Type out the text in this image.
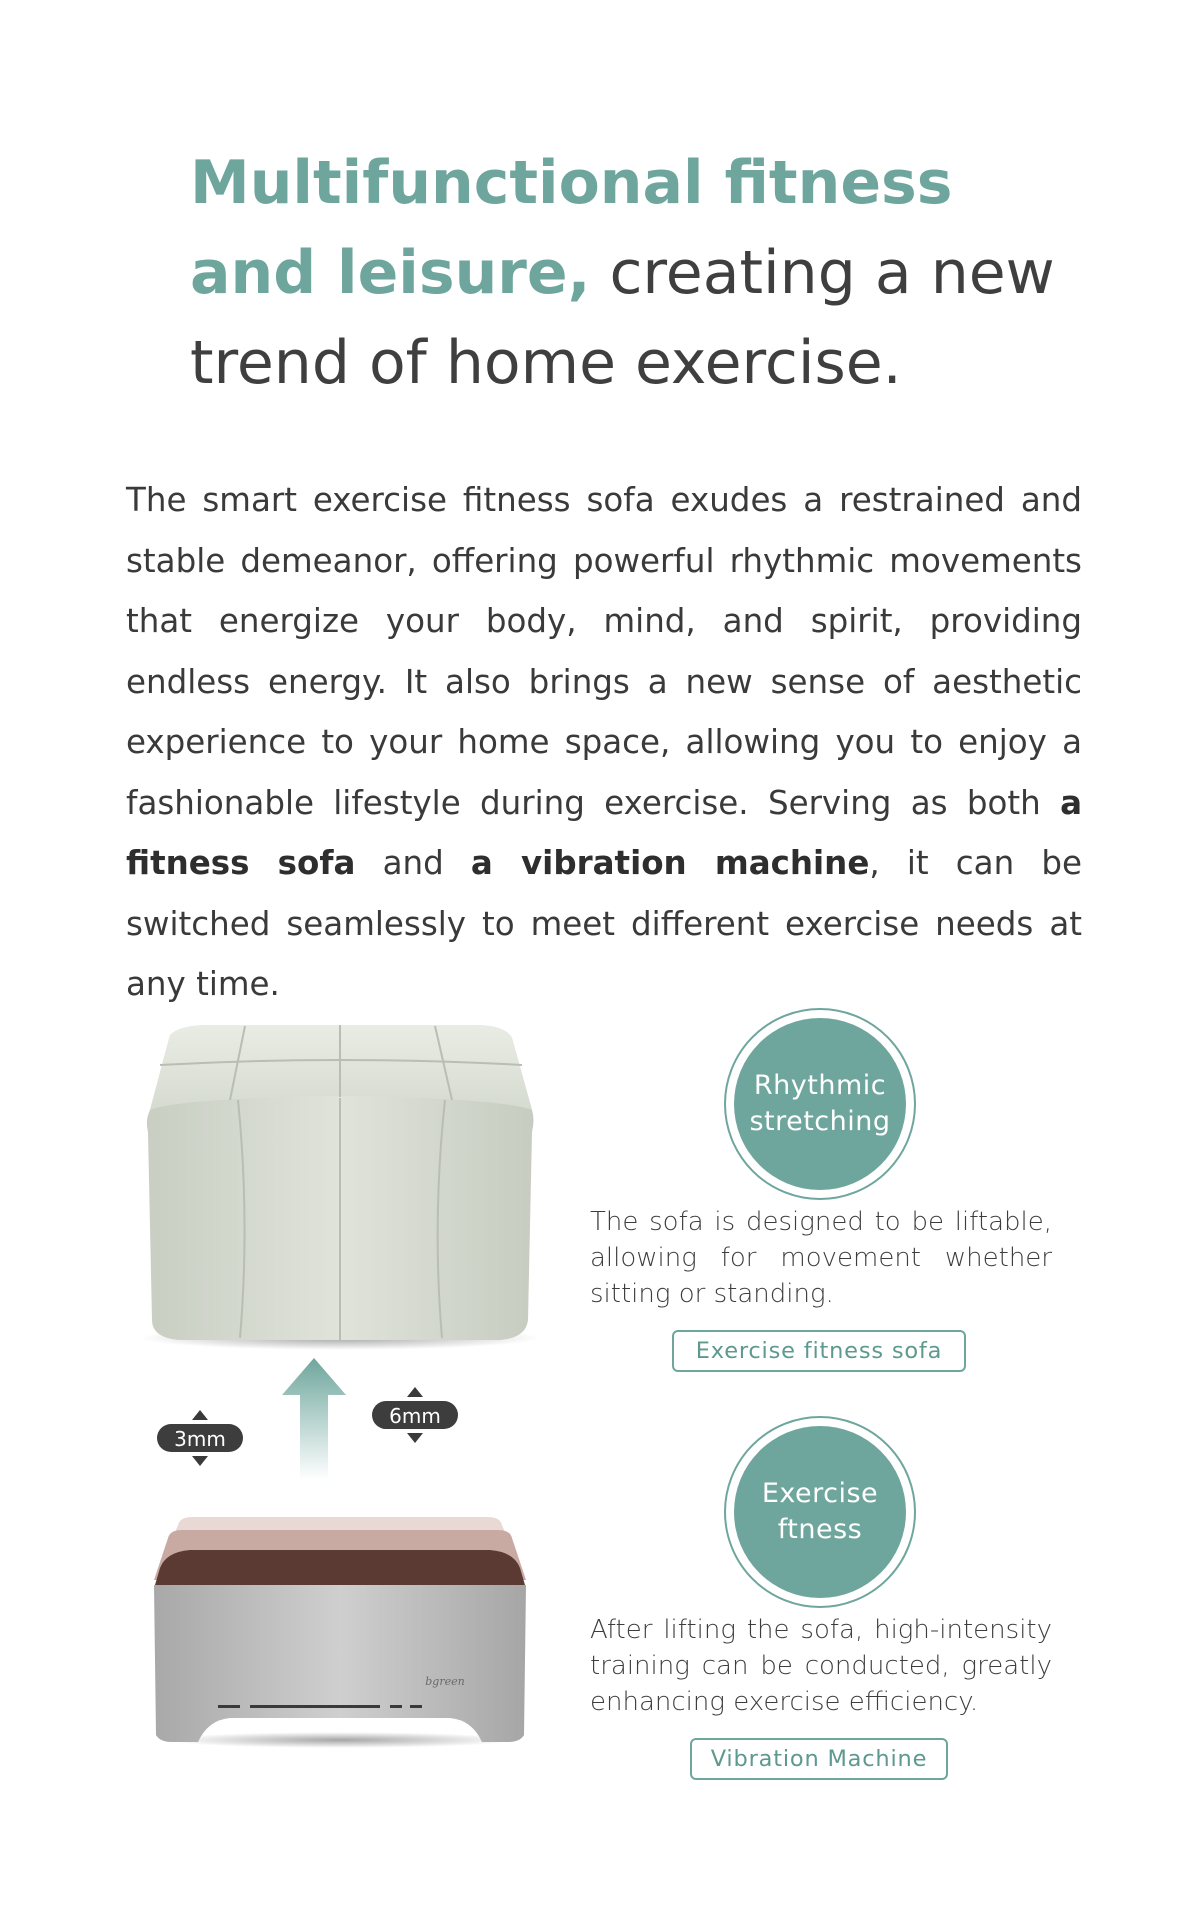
Multifunctional fitness and leisure, creating a new trend of home exercise.

The smart exercise fitness sofa exudes a restrained and stable demeanor, offering powerful rhythmic movements that energize your body, mind, and spirit, providing endless energy. It also brings a new sense of aesthetic experience to your home space, allowing you to enjoy a fashionable lifestyle during exercise. Serving as both a fitness sofa and a vibration machine, it can be switched seamlessly to meet different exercise needs at any time.

3mm
6mm
bgreen
Rhythmic
stretching

The sofa is designed to be liftable, allowing for movement whether sitting or standing.

Exercise fitness sofa
Exercise
ftness

After lifting the sofa, high-intensity training can be conducted, greatly enhancing exercise efficiency.

Vibration Machine
